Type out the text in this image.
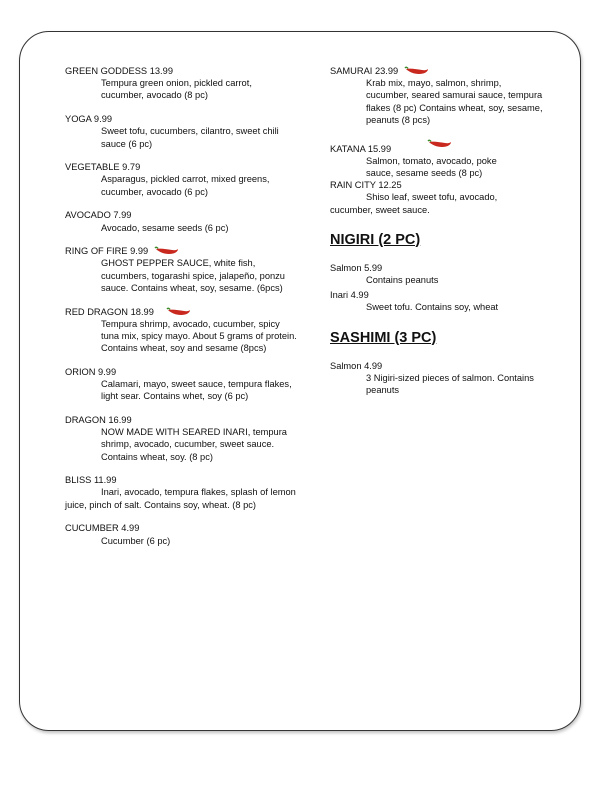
GREEN GODDESS 13.99
Tempura green onion, pickled carrot, cucumber, avocado (8 pc)
YOGA 9.99
Sweet tofu, cucumbers, cilantro, sweet chili sauce (6 pc)
VEGETABLE 9.79
Asparagus, pickled carrot, mixed greens, cucumber, avocado (6 pc)
AVOCADO 7.99
Avocado, sesame seeds (6 pc)
RING OF FIRE 9.99
GHOST PEPPER SAUCE, white fish, cucumbers, togarashi spice, jalapeño, ponzu sauce. Contains wheat, soy, sesame. (6pcs)
RED DRAGON 18.99
Tempura shrimp, avocado, cucumber, spicy tuna mix, spicy mayo. About 5 grams of protein. Contains wheat, soy and sesame (8pcs)
ORION 9.99
Calamari, mayo, sweet sauce, tempura flakes, light sear. Contains whet, soy (6 pc)
DRAGON 16.99
NOW MADE WITH SEARED INARI, tempura shrimp, avocado, cucumber, sweet sauce. Contains wheat, soy. (8 pc)
BLISS 11.99
Inari, avocado, tempura flakes, splash of lemon juice, pinch of salt. Contains soy, wheat. (8 pc)
CUCUMBER 4.99
Cucumber (6 pc)
SAMURAI 23.99
Krab mix, mayo, salmon, shrimp, cucumber, seared samurai sauce, tempura flakes (8 pc) Contains wheat, soy, sesame, peanuts (8 pcs)
KATANA 15.99
Salmon, tomato, avocado, poke sauce, sesame seeds (8 pc)
RAIN CITY 12.25
Shiso leaf, sweet tofu, avocado, cucumber, sweet sauce.
NIGIRI (2 PC)
Salmon 5.99
Contains peanuts
Inari 4.99
Sweet tofu. Contains soy, wheat
SASHIMI (3 PC)
Salmon 4.99
3 Nigiri-sized pieces of salmon. Contains peanuts
